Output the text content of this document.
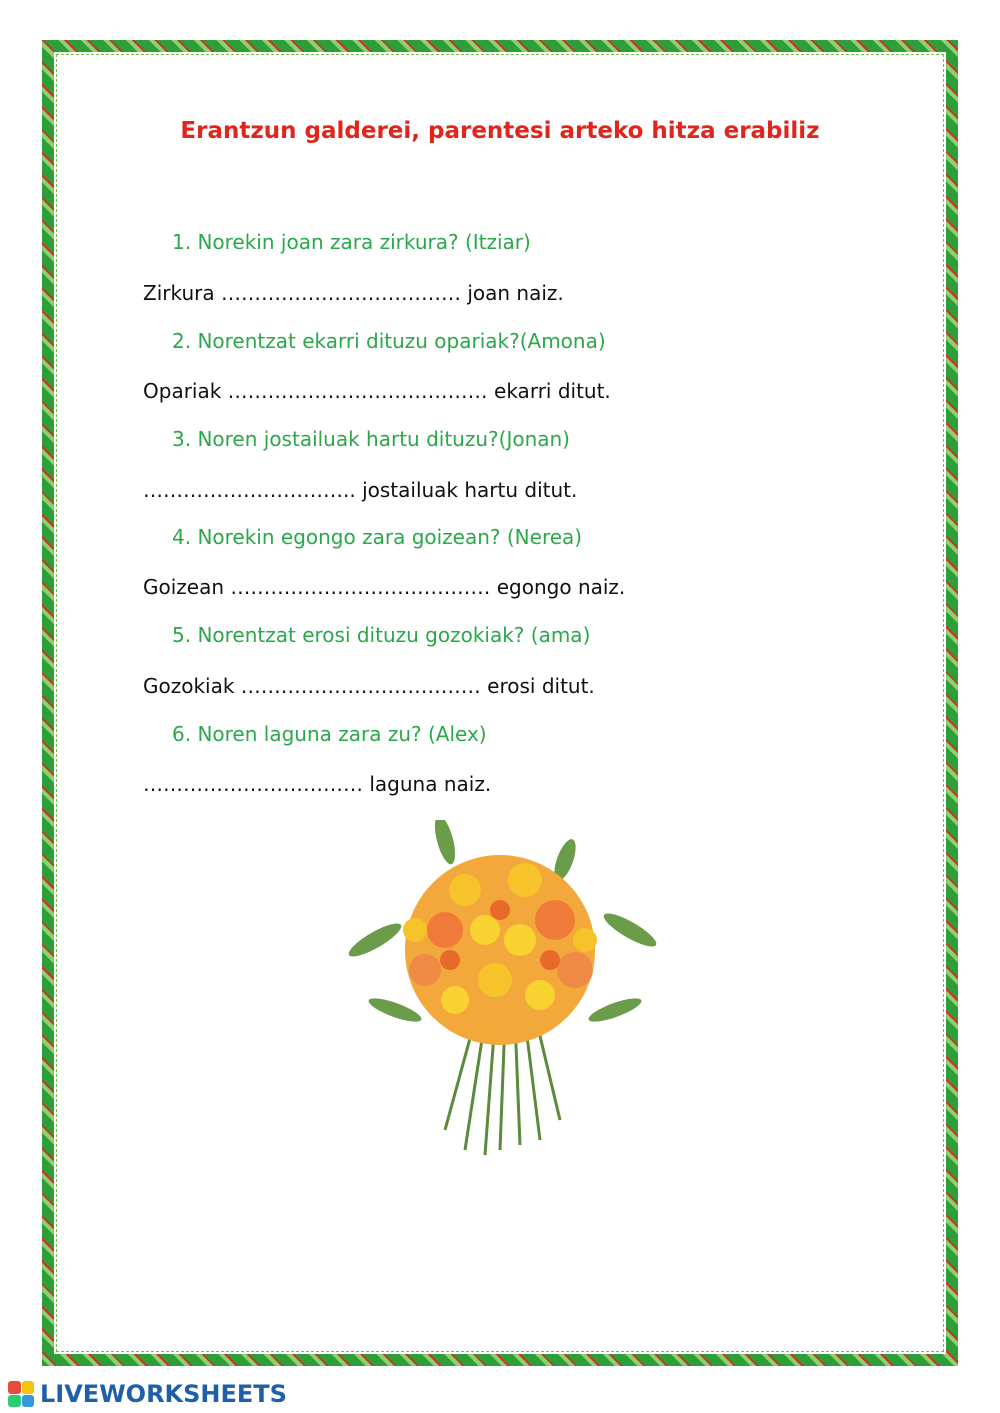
Erantzun galderei, parentesi arteko hitza erabiliz
1. Norekin joan zara zirkura? (Itziar)
Zirkura ……………………………… joan naiz.
2. Norentzat ekarri dituzu opariak?(Amona)
Opariak ………………………………… ekarri ditut.
3. Noren jostailuak hartu dituzu?(Jonan)
………………………….. jostailuak hartu ditut.
4. Norekin egongo zara goizean? (Nerea)
Goizean ………………………………… egongo naiz.
5. Norentzat erosi dituzu gozokiak? (ama)
Gozokiak ……………………………… erosi ditut.
6. Noren laguna zara zu? (Alex)
…………………………… laguna naiz.
LIVEWORKSHEETS
